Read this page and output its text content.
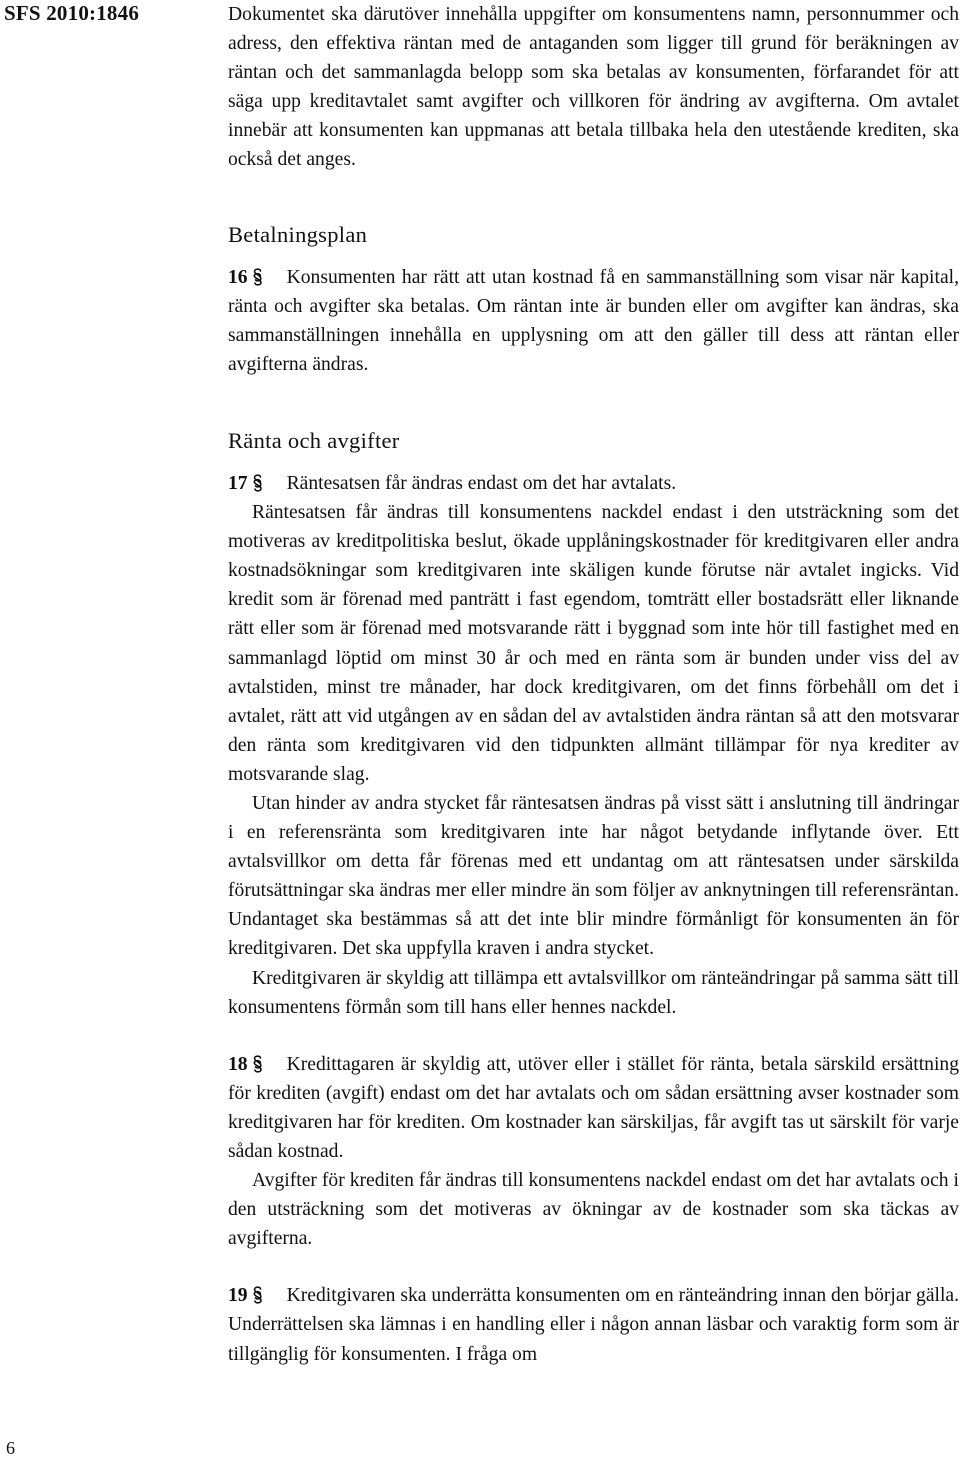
SFS 2010:1846
6

Dokumentet ska därutöver innehålla uppgifter om konsumentens namn, personnummer och adress, den effektiva räntan med de antaganden som ligger till grund för beräkningen av räntan och det sammanlagda belopp som ska betalas av konsumenten, förfarandet för att säga upp kreditavtalet samt avgifter och villkoren för ändring av avgifterna. Om avtalet innebär att konsumenten kan uppmanas att betala tillbaka hela den utestående krediten, ska också det anges.

Betalningsplan

16 Konsumenten har rätt att utan kostnad få en sammanställning som visar när kapital, ränta och avgifter ska betalas. Om räntan inte är bunden eller om avgifter kan ändras, ska sammanställningen innehålla en upplysning om att den gäller till dess att räntan eller avgifterna ändras.

Ränta och avgifter

17 Räntesatsen får ändras endast om det har avtalats.

Räntesatsen får ändras till konsumentens nackdel endast i den utsträckning som det motiveras av kreditpolitiska beslut, ökade upplåningskostnader för kreditgivaren eller andra kostnadsökningar som kreditgivaren inte skäligen kunde förutse när avtalet ingicks. Vid kredit som är förenad med panträtt i fast egendom, tomträtt eller bostadsrätt eller liknande rätt eller som är förenad med motsvarande rätt i byggnad som inte hör till fastighet med en sammanlagd löptid om minst 30 år och med en ränta som är bunden under viss del av avtalstiden, minst tre månader, har dock kreditgivaren, om det finns förbehåll om det i avtalet, rätt att vid utgången av en sådan del av avtalstiden ändra räntan så att den motsvarar den ränta som kreditgivaren vid den tidpunkten allmänt tillämpar för nya krediter av motsvarande slag.

Utan hinder av andra stycket får räntesatsen ändras på visst sätt i anslutning till ändringar i en referensränta som kreditgivaren inte har något betydande inflytande över. Ett avtalsvillkor om detta får förenas med ett undantag om att räntesatsen under särskilda förutsättningar ska ändras mer eller mindre än som följer av anknytningen till referensräntan. Undantaget ska bestämmas så att det inte blir mindre förmånligt för konsumenten än för kreditgivaren. Det ska uppfylla kraven i andra stycket.

Kreditgivaren är skyldig att tillämpa ett avtalsvillkor om ränteändringar på samma sätt till konsumentens förmån som till hans eller hennes nackdel.

18 Kredittagaren är skyldig att, utöver eller i stället för ränta, betala särskild ersättning för krediten (avgift) endast om det har avtalats och om sådan ersättning avser kostnader som kreditgivaren har för krediten. Om kostnader kan särskiljas, får avgift tas ut särskilt för varje sådan kostnad.

Avgifter för krediten får ändras till konsumentens nackdel endast om det har avtalats och i den utsträckning som det motiveras av ökningar av de kostnader som ska täckas av avgifterna.

19 Kreditgivaren ska underrätta konsumenten om en ränteändring innan den börjar gälla. Underrättelsen ska lämnas i en handling eller i någon annan läsbar och varaktig form som är tillgänglig för konsumenten. I fråga om
